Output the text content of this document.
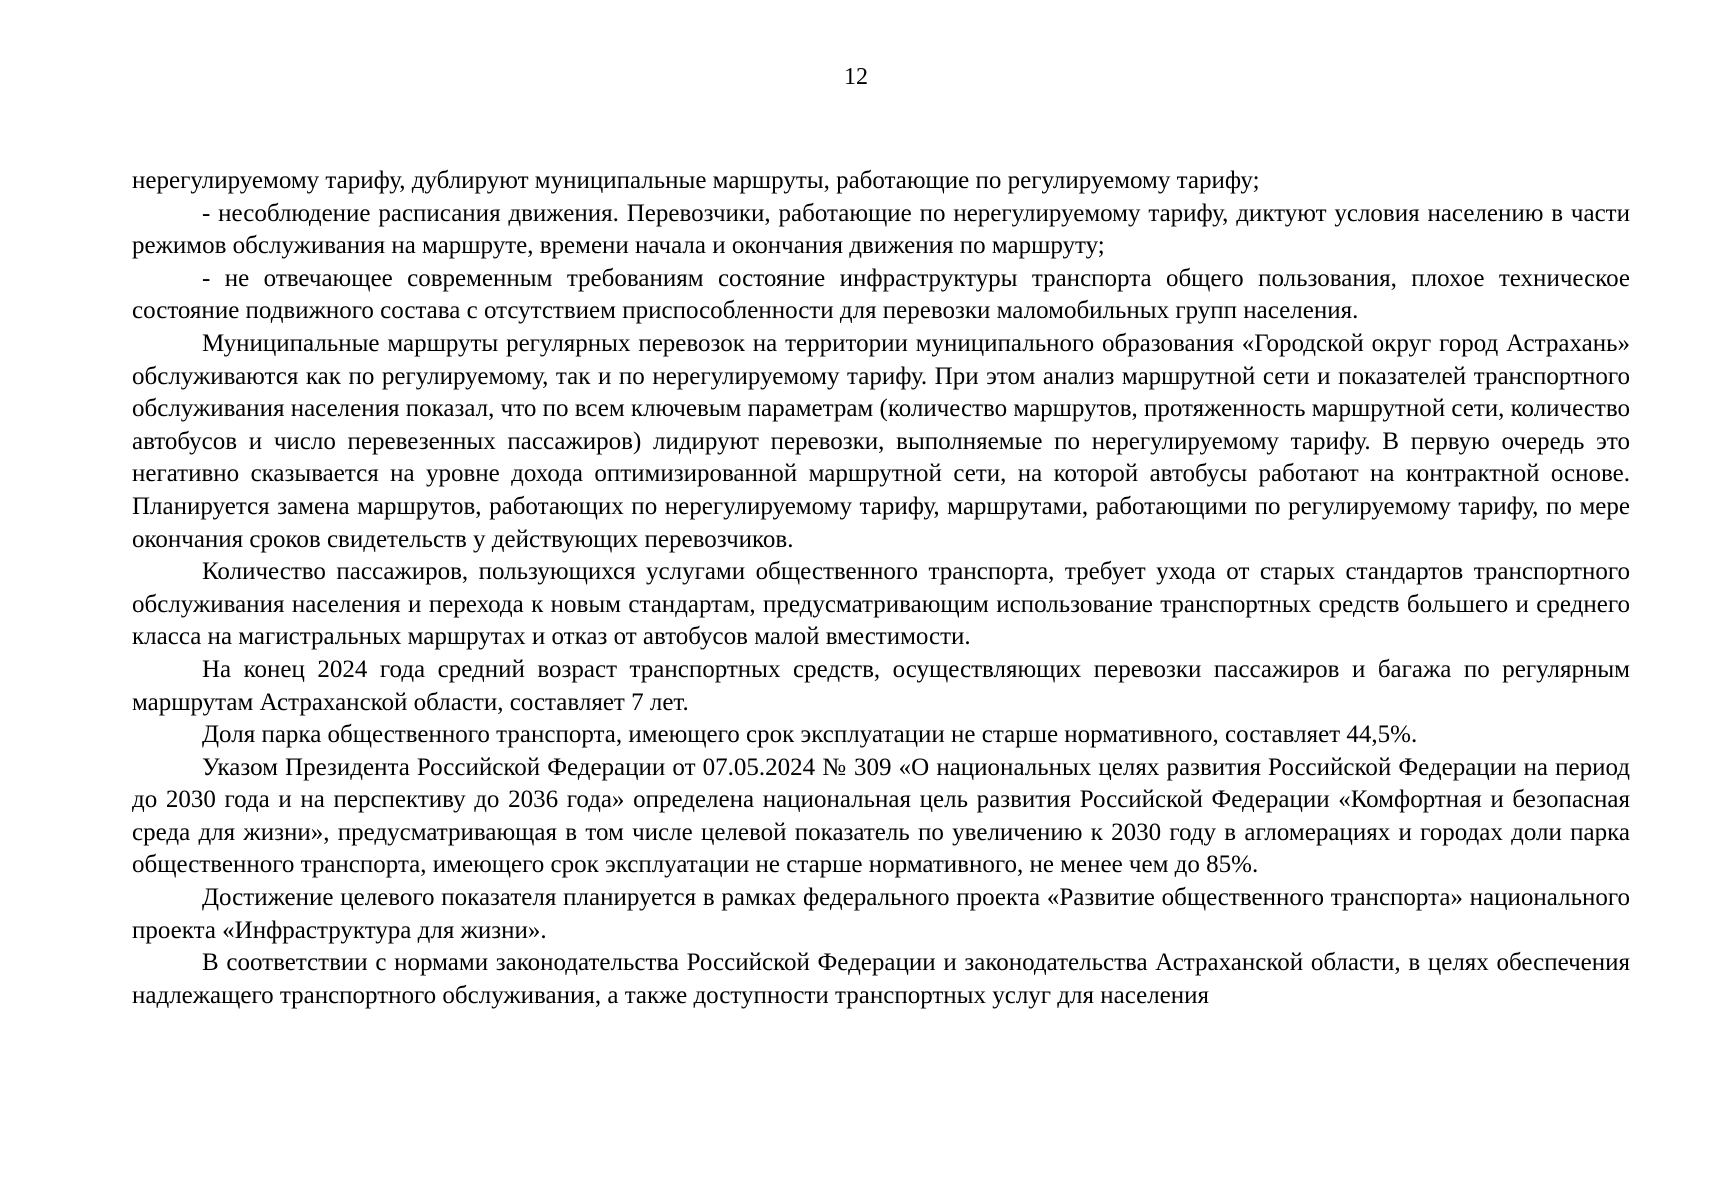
12

нерегулируемому тарифу, дублируют муниципальные маршруты, работающие по регулируемому тарифу;

- несоблюдение расписания движения. Перевозчики, работающие по нерегулируемому тарифу, диктуют условия населению в части режимов обслуживания на маршруте, времени начала и окончания движения по маршруту;

- не отвечающее современным требованиям состояние инфраструктуры транспорта общего пользования, плохое техническое состояние подвижного состава с отсутствием приспособленности для перевозки маломобильных групп населения.

Муниципальные маршруты регулярных перевозок на территории муниципального образования «Городской округ город Астрахань» обслуживаются как по регулируемому, так и по нерегулируемому тарифу. При этом анализ маршрутной сети и показателей транспортного обслуживания населения показал, что по всем ключевым параметрам (количество маршрутов, протяженность маршрутной сети, количество автобусов и число перевезенных пассажиров) лидируют перевозки, выполняемые по нерегулируемому тарифу. В первую очередь это негативно сказывается на уровне дохода оптимизированной маршрутной сети, на которой автобусы работают на контрактной основе. Планируется замена маршрутов, работающих по нерегулируемому тарифу, маршрутами, работающими по регулируемому тарифу, по мере окончания сроков свидетельств у действующих перевозчиков.

Количество пассажиров, пользующихся услугами общественного транспорта, требует ухода от старых стандартов транспортного обслуживания населения и перехода к новым стандартам, предусматривающим использование транспортных средств большего и среднего класса на магистральных маршрутах и отказ от автобусов малой вместимости.

На конец 2024 года средний возраст транспортных средств, осуществляющих перевозки пассажиров и багажа по регулярным маршрутам Астраханской области, составляет 7 лет.

Доля парка общественного транспорта, имеющего срок эксплуатации не старше нормативного, составляет 44,5%.

Указом Президента Российской Федерации от 07.05.2024 № 309 «О национальных целях развития Российской Федерации на период до 2030 года и на перспективу до 2036 года» определена национальная цель развития Российской Федерации «Комфортная и безопасная среда для жизни», предусматривающая в том числе целевой показатель по увеличению к 2030 году в агломерациях и городах доли парка общественного транспорта, имеющего срок эксплуатации не старше нормативного, не менее чем до 85%.

Достижение целевого показателя планируется в рамках федерального проекта «Развитие общественного транспорта» национального проекта «Инфраструктура для жизни».

В соответствии с нормами законодательства Российской Федерации и законодательства Астраханской области, в целях обеспечения надлежащего транспортного обслуживания, а также доступности транспортных услуг для населения
